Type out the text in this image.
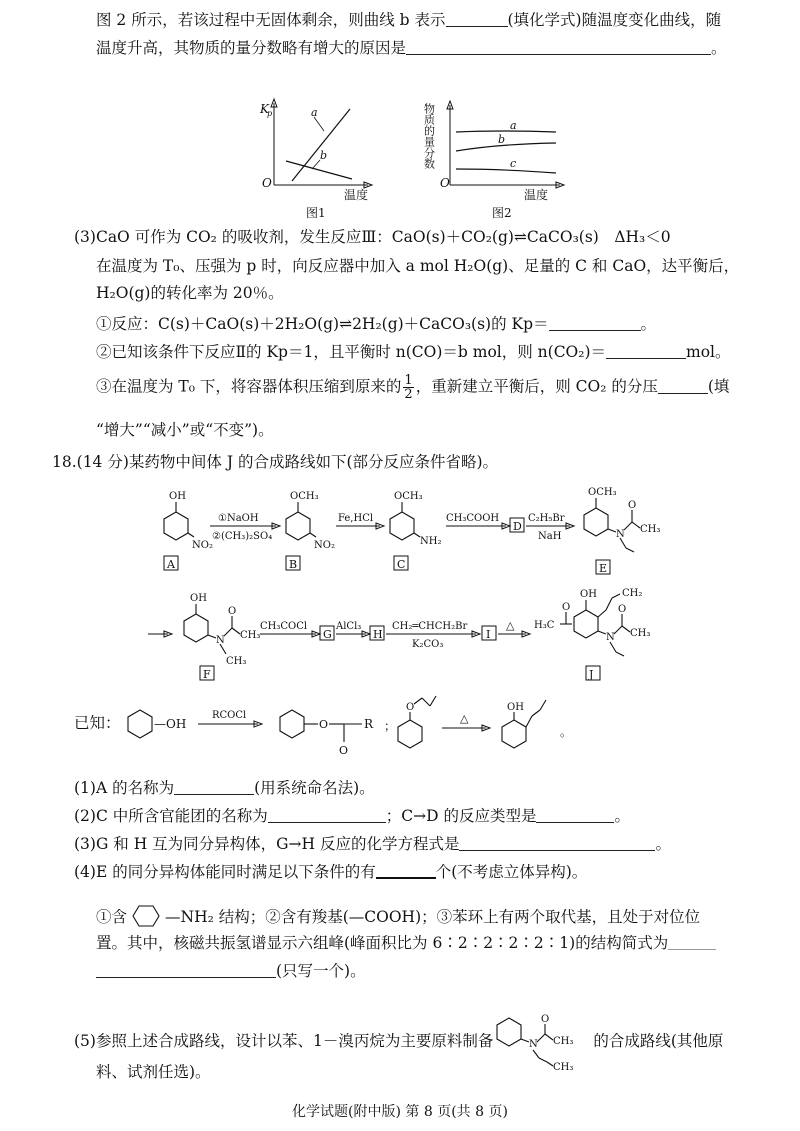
图 2 所示，若该过程中无固体剩余，则曲线 b 表示	(填化学式)随温度变化曲线，随
温度升高，其物质的量分数略有增大的原因是	。
K
p
O
温度
a
b
图1
物质的量分数
O
温度
a
b
c
图2
(3)CaO 可作为 CO₂ 的吸收剂，发生反应Ⅲ：CaO(s)＋CO₂(g)⇌CaCO₃(s)　ΔH₃＜0
在温度为 T₀、压强为 p 时，向反应器中加入 a mol H₂O(g)、足量的 C 和 CaO，达平衡后，
H₂O(g)的转化率为 20％。
①反应：C(s)＋CaO(s)＋2H₂O(g)⇌2H₂(g)＋CaCO₃(s)的 Kp＝	。
②已知该条件下反应Ⅱ的 Kp＝1，且平衡时 n(CO)＝b mol，则 n(CO₂)＝	mol。
③在温度为 T₀ 下，将容器体积压缩到原来的 $\frac{1}{2}$ ，重新建立平衡后，则 CO₂ 的分压	(填
“增大”“减小”或“不变”)。
18.(14 分)某药物中间体 J 的合成路线如下(部分反应条件省略)。
OH
NO₂
A
①NaOH
②(CH₃)₂SO₄
OCH₃
NO₂
B
Fe,HCl
OCH₃
NH₂
C
CH₃COOH
D
C₂H₅Br
NaH
OCH₃
N
O
CH₃
E
OH
N
O
CH₃
CH₃
F
CH₃COCl
G
AlCl₃
H
CH₂═CHCH₂Br
K₂CO₃
I
△ H₃C
O
OH	CH₂
N
O
CH₃
J
已知：	—OH
RCOCl
O
O
R ；
O
△
OH
。
(1)A 的名称为	(用系统命名法)。
(2)C 中所含官能团的名称为	；C→D 的反应类型是	。
(3)G 和 H 互为同分异构体，G→H 反应的化学方程式是	。
(4)E 的同分异构体能同时满足以下条件的有	个(不考虑立体异构)。
①含 —NH₂ 结构；②含有羧基(—COOH)；③苯环上有两个取代基，且处于对位位
置。其中，核磁共振氢谱显示六组峰(峰面积比为 6∶2∶2∶2∶2∶1)的结构简式为
(只写一个)。
(5)参照上述合成路线，设计以苯、1－溴丙烷为主要原料制备	N
O
CH₃
CH₃
的合成路线(其他原
料、试剂任选)。
化学试题(附中版) 第 8 页(共 8 页)
